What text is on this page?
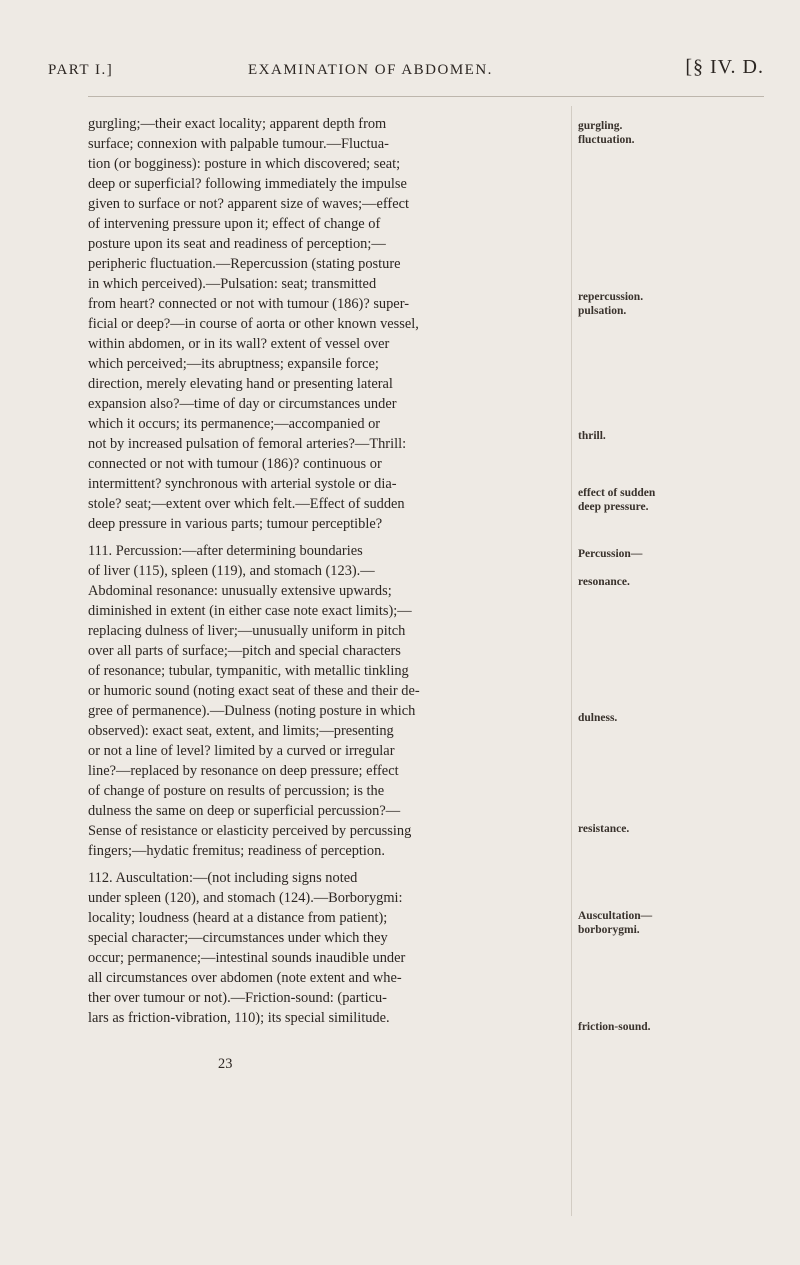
PART I.]	EXAMINATION OF ABDOMEN.	[§ IV. D.
gurgling;—their exact locality; apparent depth from
surface; connexion with palpable tumour.—Fluctua-
tion (or bogginess): posture in which discovered; seat;
deep or superficial? following immediately the impulse
given to surface or not? apparent size of waves;—effect
of intervening pressure upon it; effect of change of
posture upon its seat and readiness of perception;—
peripheric fluctuation.—Repercussion (stating posture
in which perceived).—Pulsation: seat; transmitted
from heart? connected or not with tumour (186)? super-
ficial or deep?—in course of aorta or other known vessel,
within abdomen, or in its wall? extent of vessel over
which perceived;—its abruptness; expansile force;
direction, merely elevating hand or presenting lateral
expansion also?—time of day or circumstances under
which it occurs; its permanence;—accompanied or
not by increased pulsation of femoral arteries?—Thrill:
connected or not with tumour (186)? continuous or
intermittent? synchronous with arterial systole or dia-
stole? seat;—extent over which felt.—Effect of sudden
deep pressure in various parts; tumour perceptible?
111. Percussion:—after determining boundaries
of liver (115), spleen (119), and stomach (123).—
Abdominal resonance: unusually extensive upwards;
diminished in extent (in either case note exact limits);—
replacing dulness of liver;—unusually uniform in pitch
over all parts of surface;—pitch and special characters
of resonance; tubular, tympanitic, with metallic tinkling
or humoric sound (noting exact seat of these and their de-
gree of permanence).—Dulness (noting posture in which
observed): exact seat, extent, and limits;—presenting
or not a line of level? limited by a curved or irregular
line?—replaced by resonance on deep pressure; effect
of change of posture on results of percussion; is the
dulness the same on deep or superficial percussion?—
Sense of resistance or elasticity perceived by percussing
fingers;—hydatic fremitus; readiness of perception.
112. Auscultation:—(not including signs noted
under spleen (120), and stomach (124).—Borborygmi:
locality; loudness (heard at a distance from patient);
special character;—circumstances under which they
occur; permanence;—intestinal sounds inaudible under
all circumstances over abdomen (note extent and whe-
ther over tumour or not).—Friction-sound: (particu-
lars as friction-vibration, 110); its special similitude.
23
gurgling.
fluctuation.
repercussion.
pulsation.
thrill.
effect of sudden
deep pressure.
Percussion—
resonance.
dulness.
resistance.
Auscultation—
borborygmi.
friction-sound.
